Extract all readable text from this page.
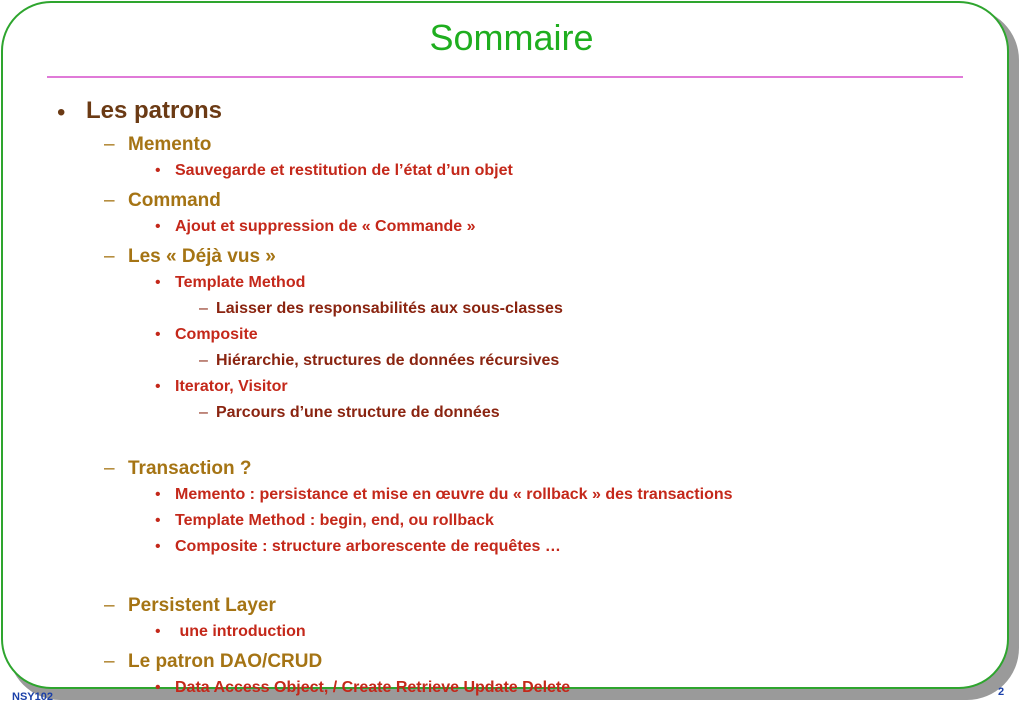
Sommaire
• Les patrons
– Memento
• Sauvegarde et restitution de l’état d’un objet
– Command
• Ajout et suppression de « Commande »
– Les « Déjà vus »
• Template Method
– Laisser des responsabilités aux sous-classes
• Composite
– Hiérarchie, structures de données récursives
• Iterator, Visitor
– Parcours d’une structure de données
– Transaction ?
• Memento : persistance et mise en œuvre du « rollback » des transactions
• Template Method : begin, end, ou rollback
• Composite : structure arborescente de requêtes …
– Persistent Layer
• une introduction
– Le patron DAO/CRUD
• Data Access Object, / Create Retrieve Update Delete
NSY102	2
